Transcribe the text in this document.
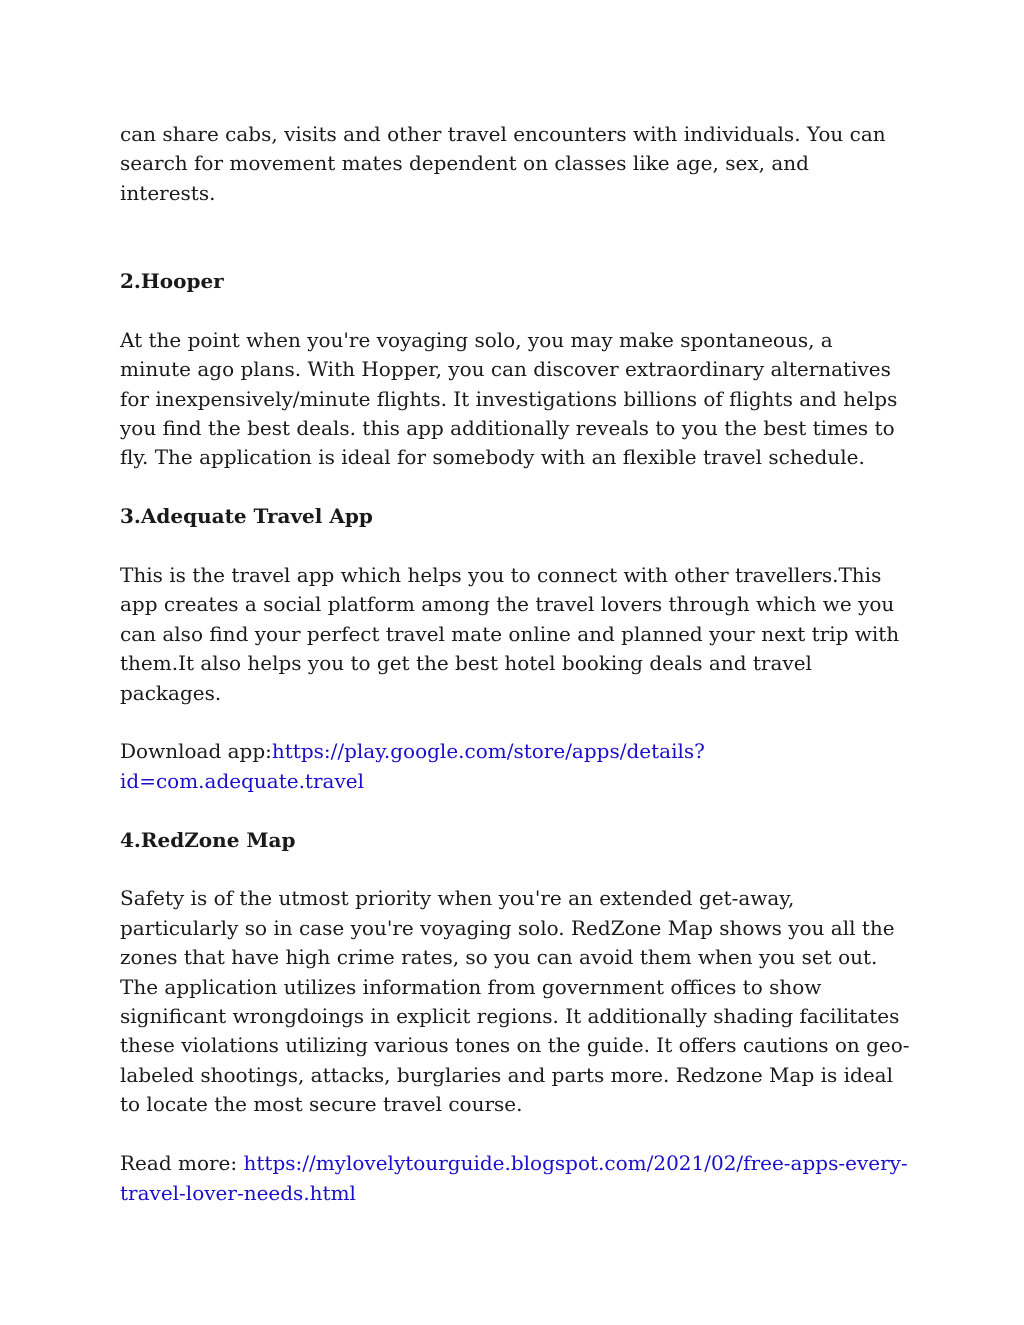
can share cabs, visits and other travel encounters with individuals. You can search for movement mates dependent on classes like age, sex, and interests.

2.Hooper

At the point when you're voyaging solo, you may make spontaneous, a minute ago plans. With Hopper, you can discover extraordinary alternatives for inexpensively/minute flights. It investigations billions of flights and helps you find the best deals. this app additionally reveals to you the best times to fly. The application is ideal for somebody with an flexible travel schedule.

3.Adequate Travel App

This is the travel app which helps you to connect with other travellers.This app creates a social platform among the travel lovers through which we you can also find your perfect travel mate online and planned your next trip with them.It also helps you to get the best hotel booking deals and travel packages.

Download app:https://play.google.com/store/apps/details?id=com.adequate.travel

4.RedZone Map

Safety is of the utmost priority when you're an extended get-away, particularly so in case you're voyaging solo. RedZone Map shows you all the zones that have high crime rates, so you can avoid them when you set out. The application utilizes information from government offices to show significant wrongdoings in explicit regions. It additionally shading facilitates these violations utilizing various tones on the guide. It offers cautions on geo-labeled shootings, attacks, burglaries and parts more. Redzone Map is ideal to locate the most secure travel course.

Read more: https://mylovelytourguide.blogspot.com/2021/02/free-apps-every-travel-lover-needs.html
